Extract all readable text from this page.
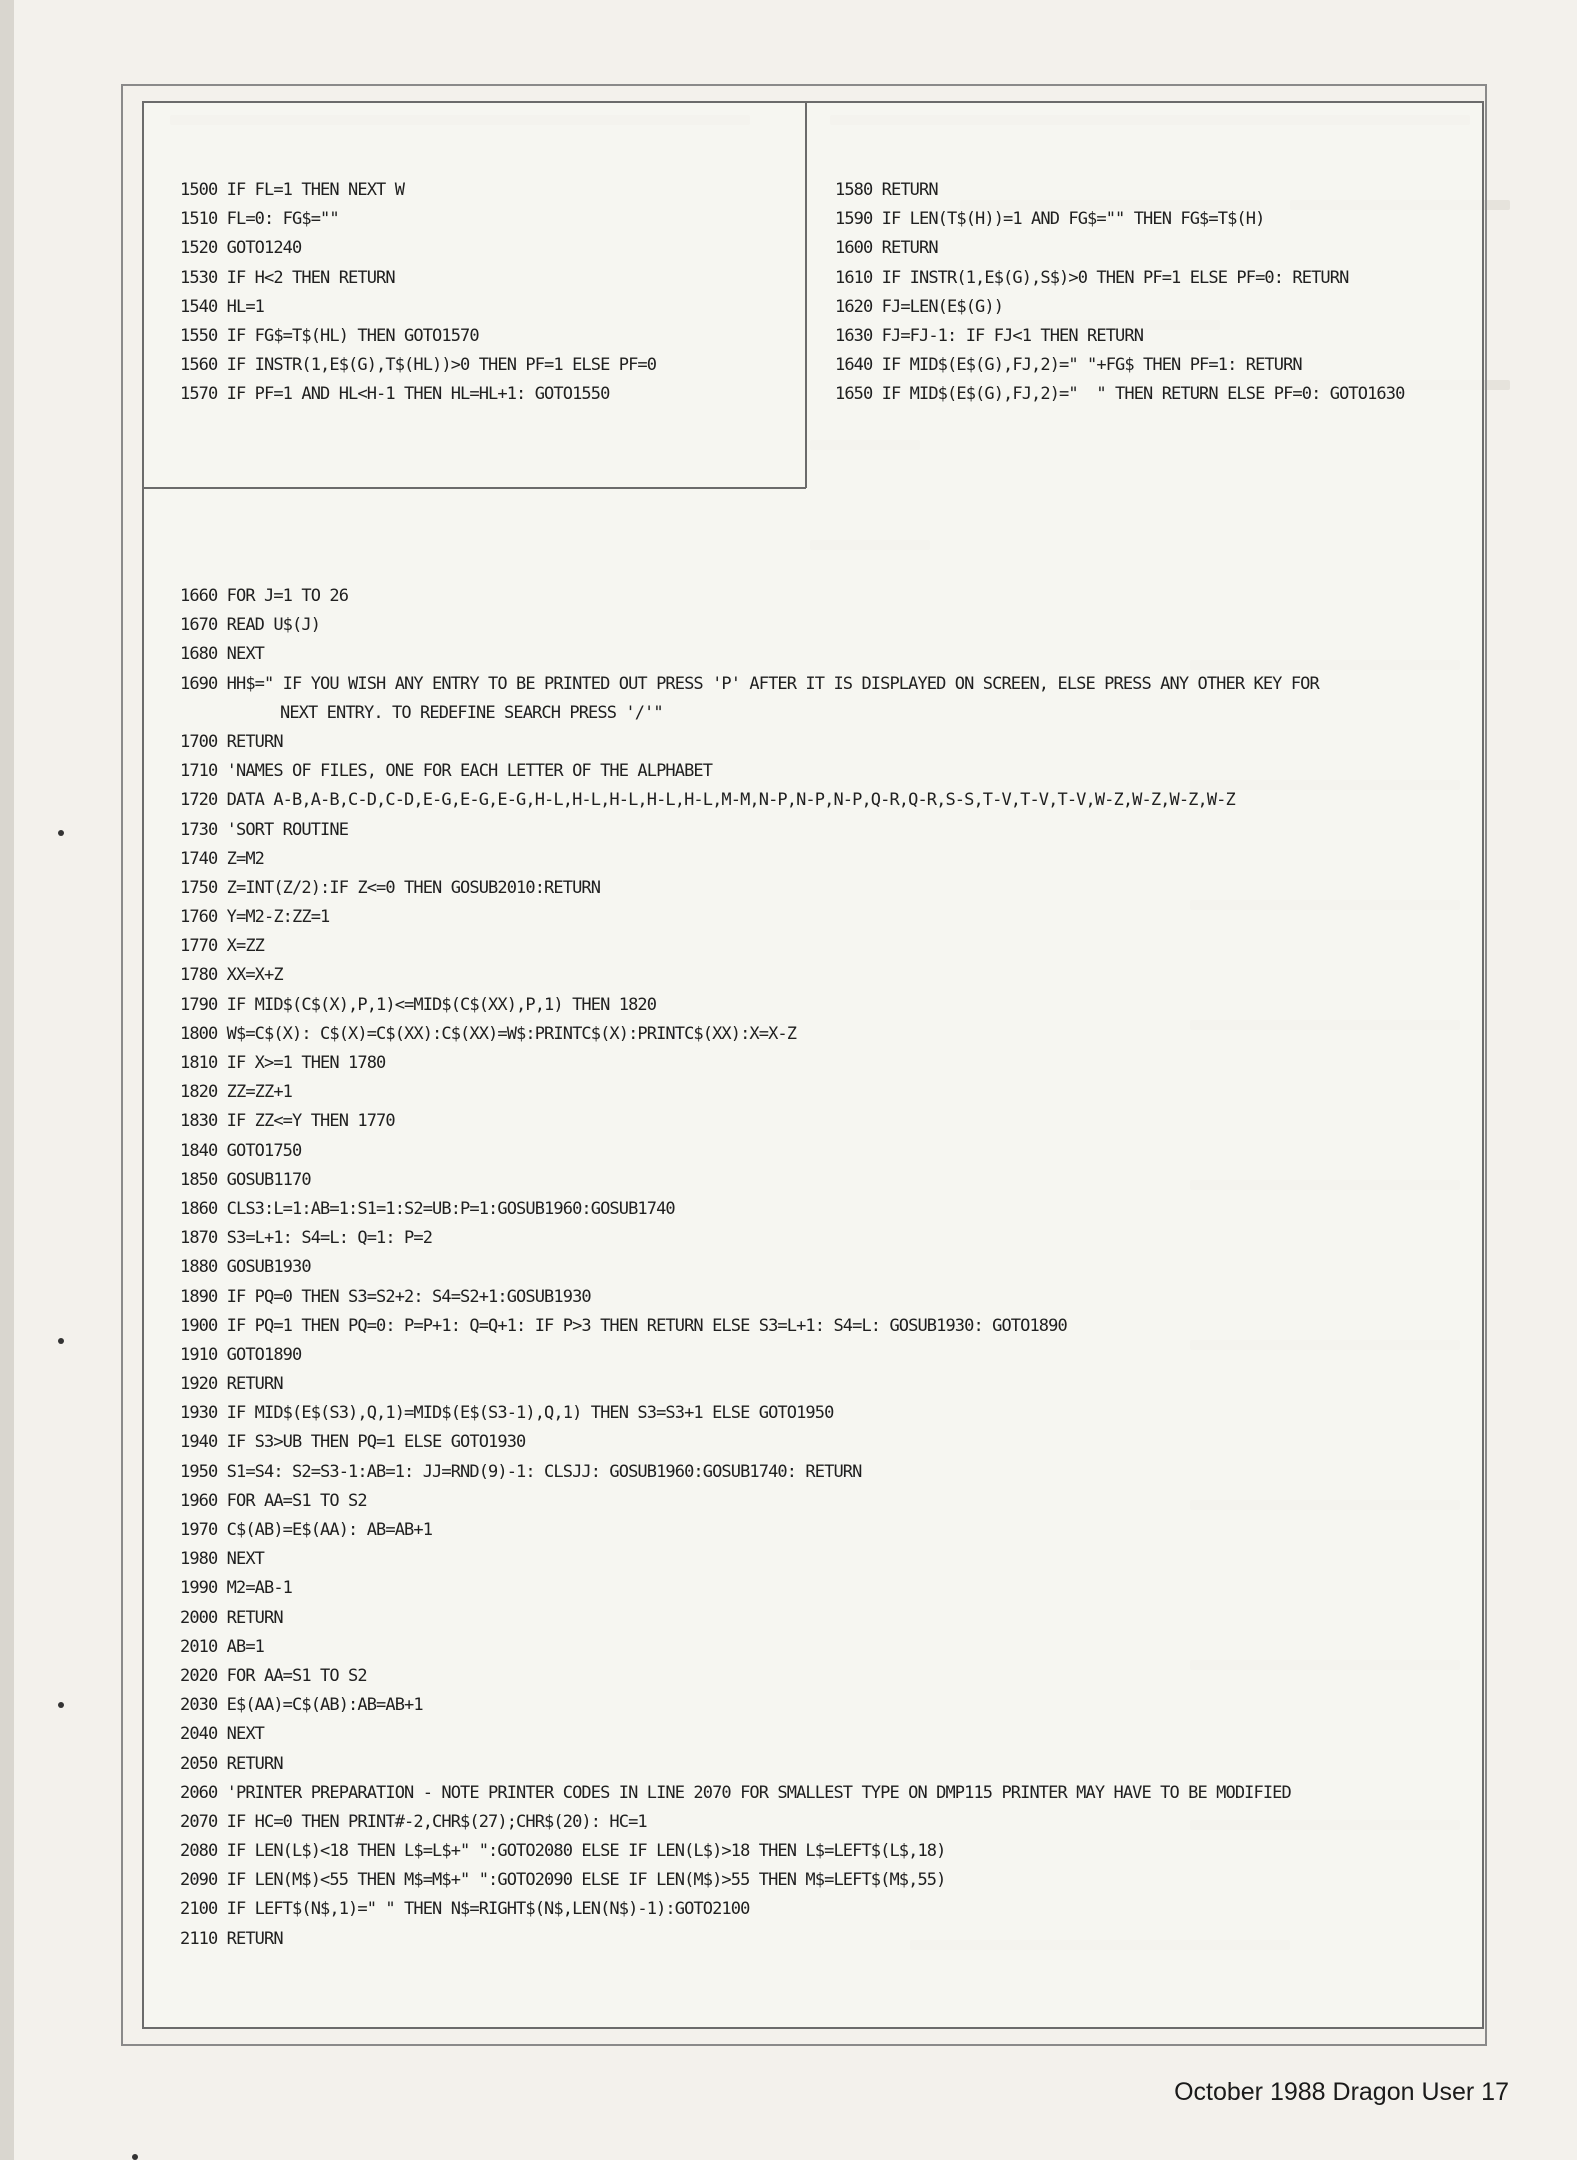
1500 IF FL=1 THEN NEXT W
1510 FL=0: FG$=""
1520 GOTO1240
1530 IF H<2 THEN RETURN
1540 HL=1
1550 IF FG$=T$(HL) THEN GOTO1570
1560 IF INSTR(1,E$(G),T$(HL))>0 THEN PF=1 ELSE PF=0
1570 IF PF=1 AND HL<H-1 THEN HL=HL+1: GOTO1550
1580 RETURN
1590 IF LEN(T$(H))=1 AND FG$="" THEN FG$=T$(H)
1600 RETURN
1610 IF INSTR(1,E$(G),S$)>0 THEN PF=1 ELSE PF=0: RETURN
1620 FJ=LEN(E$(G))
1630 FJ=FJ-1: IF FJ<1 THEN RETURN
1640 IF MID$(E$(G),FJ,2)=" "+FG$ THEN PF=1: RETURN
1650 IF MID$(E$(G),FJ,2)="  " THEN RETURN ELSE PF=0: GOTO1630
1660 FOR J=1 TO 26
1670 READ U$(J)
1680 NEXT
1690 HH$=" IF YOU WISH ANY ENTRY TO BE PRINTED OUT PRESS 'P' AFTER IT IS DISPLAYED ON SCREEN, ELSE PRESS ANY OTHER KEY FOR NEXT ENTRY. TO REDEFINE SEARCH PRESS '/'"
1700 RETURN
1710 'NAMES OF FILES, ONE FOR EACH LETTER OF THE ALPHABET
1720 DATA A-B,A-B,C-D,C-D,E-G,E-G,E-G,H-L,H-L,H-L,H-L,H-L,M-M,N-P,N-P,N-P,Q-R,Q-R,S-S,T-V,T-V,T-V,W-Z,W-Z,W-Z,W-Z
1730 'SORT ROUTINE
1740 Z=M2
1750 Z=INT(Z/2):IF Z<=0 THEN GOSUB2010:RETURN
1760 Y=M2-Z:ZZ=1
1770 X=ZZ
1780 XX=X+Z
1790 IF MID$(C$(X),P,1)<=MID$(C$(XX),P,1) THEN 1820
1800 W$=C$(X): C$(X)=C$(XX):C$(XX)=W$:PRINTC$(X):PRINTC$(XX):X=X-Z
1810 IF X>=1 THEN 1780
1820 ZZ=ZZ+1
1830 IF ZZ<=Y THEN 1770
1840 GOTO1750
1850 GOSUB1170
1860 CLS3:L=1:AB=1:S1=1:S2=UB:P=1:GOSUB1960:GOSUB1740
1870 S3=L+1: S4=L: Q=1: P=2
1880 GOSUB1930
1890 IF PQ=0 THEN S3=S2+2: S4=S2+1:GOSUB1930
1900 IF PQ=1 THEN PQ=0: P=P+1: Q=Q+1: IF P>3 THEN RETURN ELSE S3=L+1: S4=L: GOSUB1930: GOTO1890
1910 GOTO1890
1920 RETURN
1930 IF MID$(E$(S3),Q,1)=MID$(E$(S3-1),Q,1) THEN S3=S3+1 ELSE GOTO1950
1940 IF S3>UB THEN PQ=1 ELSE GOTO1930
1950 S1=S4: S2=S3-1:AB=1: JJ=RND(9)-1: CLSJJ: GOSUB1960:GOSUB1740: RETURN
1960 FOR AA=S1 TO S2
1970 C$(AB)=E$(AA): AB=AB+1
1980 NEXT
1990 M2=AB-1
2000 RETURN
2010 AB=1
2020 FOR AA=S1 TO S2
2030 E$(AA)=C$(AB):AB=AB+1
2040 NEXT
2050 RETURN
2060 'PRINTER PREPARATION - NOTE PRINTER CODES IN LINE 2070 FOR SMALLEST TYPE ON DMP115 PRINTER MAY HAVE TO BE MODIFIED
2070 IF HC=0 THEN PRINT#-2,CHR$(27);CHR$(20): HC=1
2080 IF LEN(L$)<18 THEN L$=L$+" ":GOTO2080 ELSE IF LEN(L$)>18 THEN L$=LEFT$(L$,18)
2090 IF LEN(M$)<55 THEN M$=M$+" ":GOTO2090 ELSE IF LEN(M$)>55 THEN M$=LEFT$(M$,55)
2100 IF LEFT$(N$,1)=" " THEN N$=RIGHT$(N$,LEN(N$)-1):GOTO2100
2110 RETURN
October 1988 Dragon User 17
